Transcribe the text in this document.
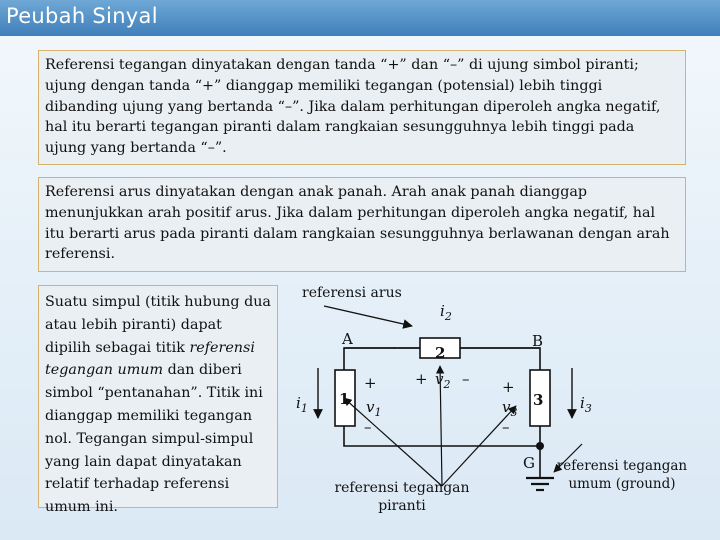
Peubah Sinyal

Referensi tegangan dinyatakan dengan tanda “+” dan “–” di ujung simbol piranti; ujung dengan tanda “+” dianggap memiliki tegangan (potensial) lebih tinggi dibanding ujung yang bertanda “–”. Jika dalam perhitungan diperoleh angka negatif, hal itu berarti tegangan piranti dalam rangkaian sesungguhnya lebih tinggi pada ujung yang bertanda “–”.

Referensi arus dinyatakan dengan anak panah. Arah anak panah dianggap menunjukkan arah positif arus. Jika dalam perhitungan diperoleh angka negatif, hal itu berarti arus pada piranti dalam rangkaian sesungguhnya berlawanan dengan arah referensi.

Suatu simpul (titik hubung dua atau lebih piranti) dapat dipilih sebagai titik referensi tegangan umum dan diberi simbol “pentanahan”. Titik ini dianggap memiliki tegangan nol. Tegangan simpul-simpul yang lain dapat dinyatakan relatif terhadap referensi umum ini.

referensi arus
$i_2$
A	B
G
1
2
3
$i_1$	$i_3$
+
$v_1$
–
+ $v_2$ – +
$v_3$
–
referensi tegangan
piranti
referensi tegangan
umum (ground)
